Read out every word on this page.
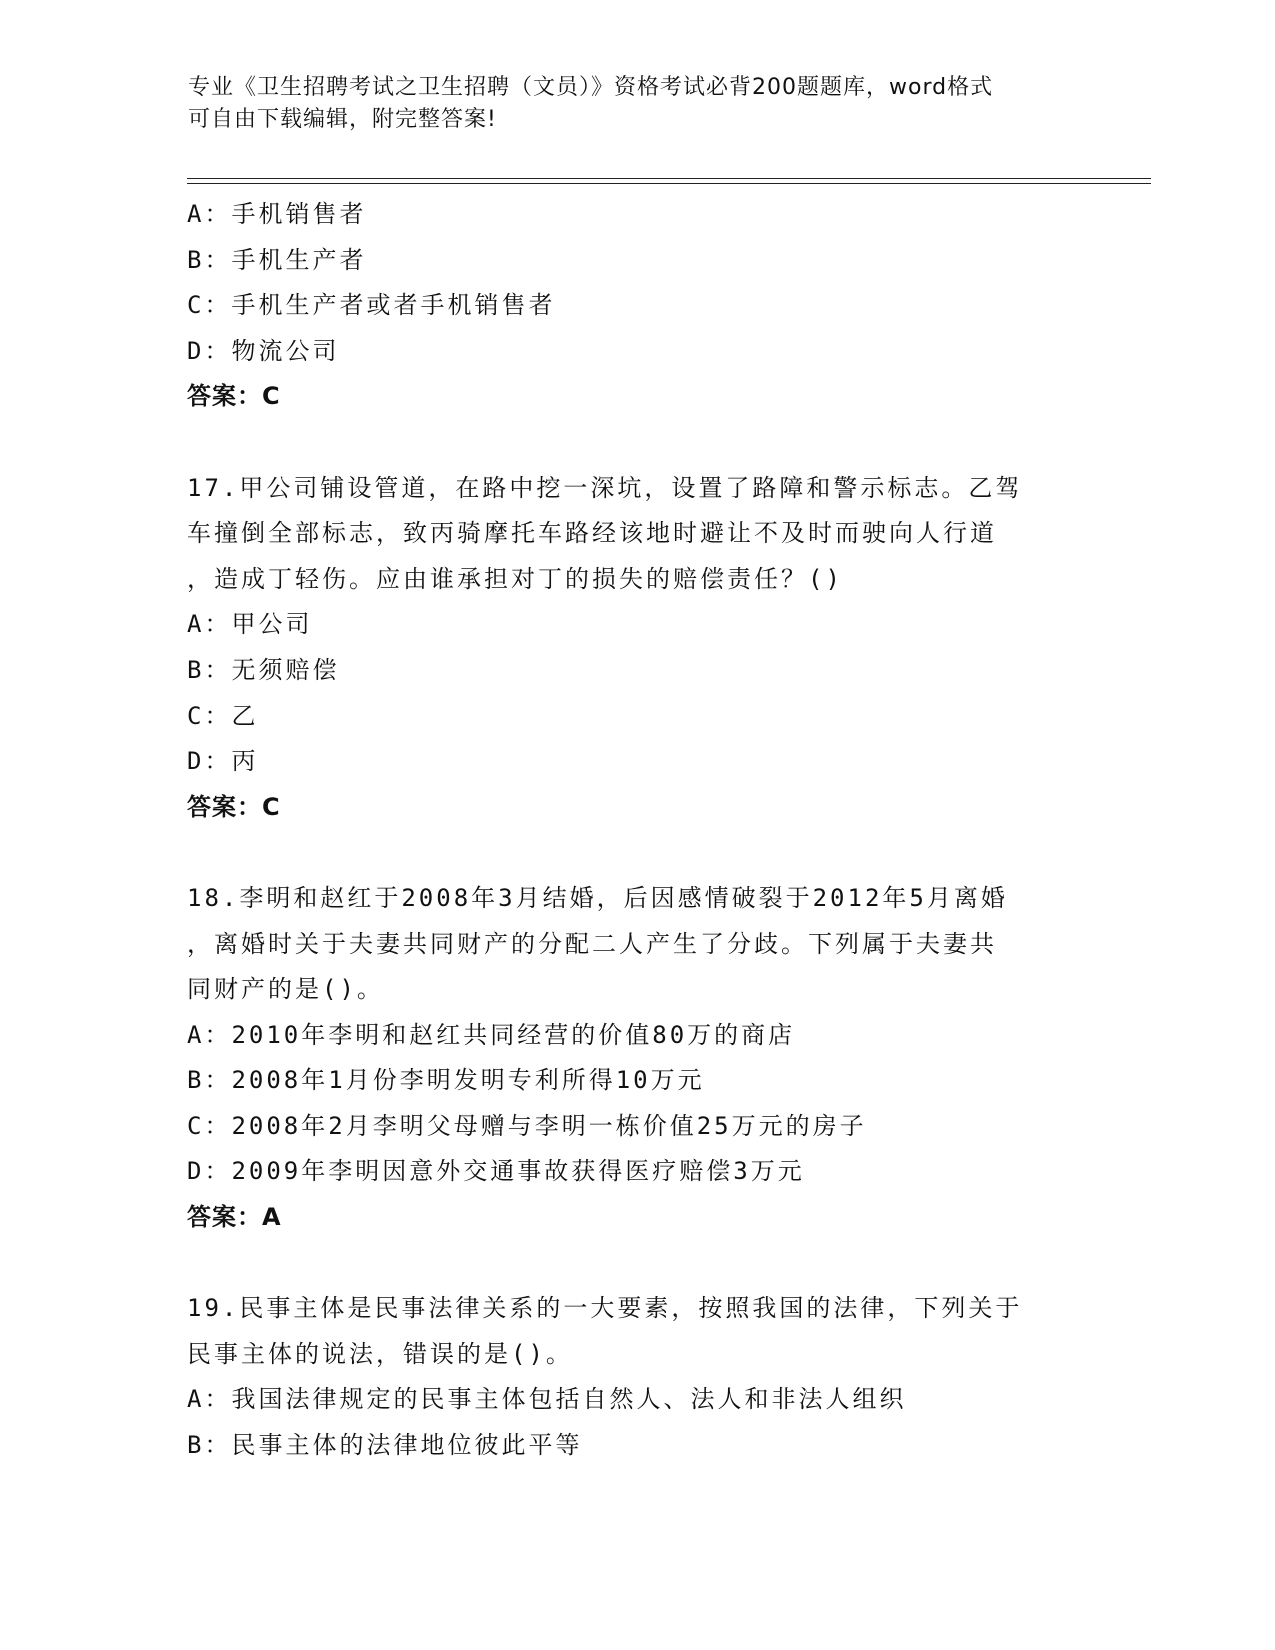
专业《卫生招聘考试之卫生招聘（文员）》资格考试必背200题题库，word格式
可自由下载编辑，附完整答案!
A：手机销售者
B：手机生产者
C：手机生产者或者手机销售者
D：物流公司
答案：C
17.甲公司铺设管道，在路中挖一深坑，设置了路障和警示标志。乙驾
车撞倒全部标志，致丙骑摩托车路经该地时避让不及时而驶向人行道
，造成丁轻伤。应由谁承担对丁的损失的赔偿责任？()
A：甲公司
B：无须赔偿
C：乙
D：丙
答案：C
18.李明和赵红于2008年3月结婚，后因感情破裂于2012年5月离婚
，离婚时关于夫妻共同财产的分配二人产生了分歧。下列属于夫妻共
同财产的是()。
A：2010年李明和赵红共同经营的价值80万的商店
B：2008年1月份李明发明专利所得10万元
C：2008年2月李明父母赠与李明一栋价值25万元的房子
D：2009年李明因意外交通事故获得医疗赔偿3万元
答案：A
19.民事主体是民事法律关系的一大要素，按照我国的法律，下列关于
民事主体的说法，错误的是()。
A：我国法律规定的民事主体包括自然人、法人和非法人组织
B：民事主体的法律地位彼此平等
